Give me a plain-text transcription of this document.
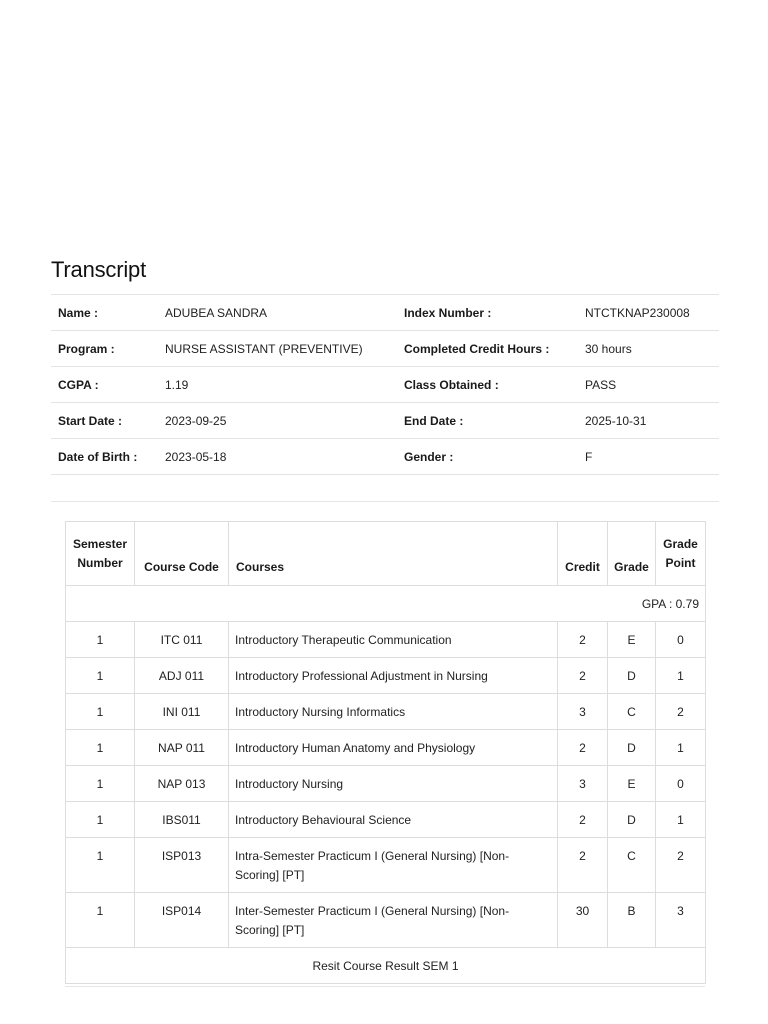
Transcript
Name :	ADUBEA SANDRA	Index Number :	NTCTKNAP230008
Program :	NURSE ASSISTANT (PREVENTIVE)	Completed Credit Hours :	30 hours
CGPA :	1.19	Class Obtained :	PASS
Start Date :	2023-09-25	End Date :	2025-10-31
Date of Birth :	2023-05-18	Gender :	F
Semester Number	Course Code	Courses	Credit	Grade	Grade Point
GPA : 0.79					
1	ITC 011	Introductory Therapeutic Communication	2	E	0
1	ADJ 011	Introductory Professional Adjustment in Nursing	2	D	1
1	INI 011	Introductory Nursing Informatics	3	C	2
1	NAP 011	Introductory Human Anatomy and Physiology	2	D	1
1	NAP 013	Introductory Nursing	3	E	0
1	IBS011	Introductory Behavioural Science	2	D	1
1	ISP013	Intra-Semester Practicum I (General Nursing) [Non-Scoring] [PT]	2	C	2
1	ISP014	Inter-Semester Practicum I (General Nursing) [Non-Scoring] [PT]	30	B	3
Resit Course Result SEM 1					
